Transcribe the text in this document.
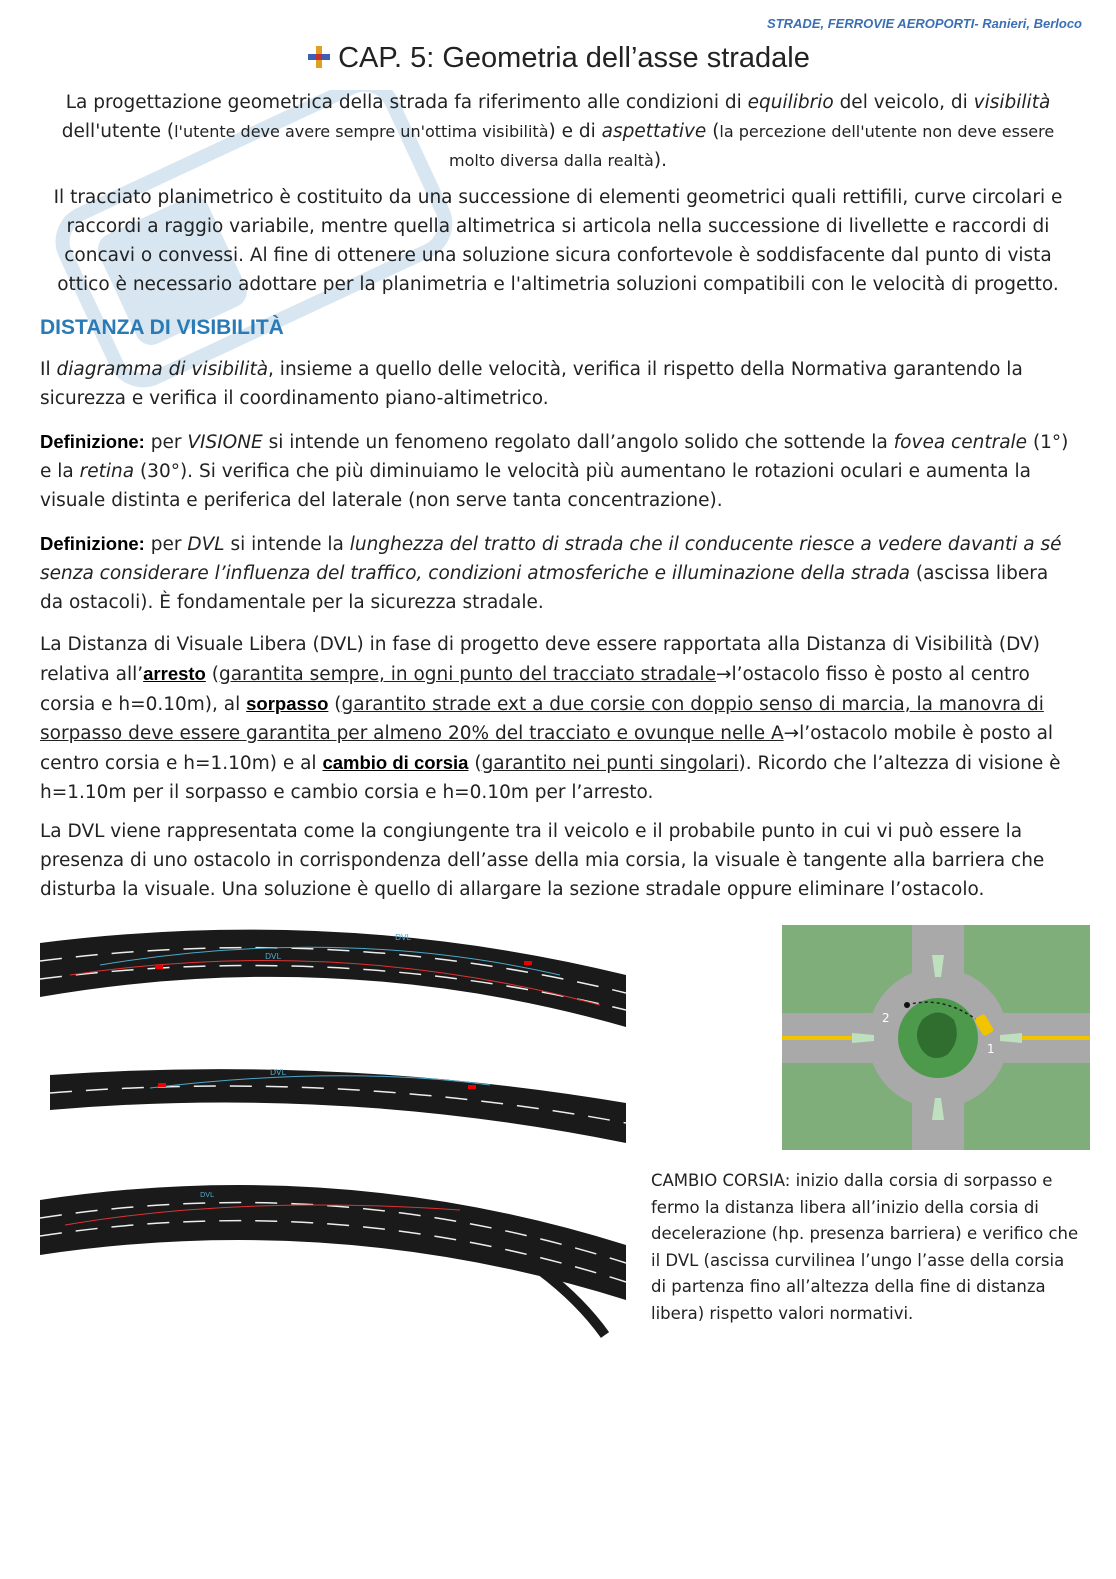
STRADE, FERROVIE AEROPORTI- Ranieri, Berloco
CAP. 5: Geometria dell’asse stradale
La progettazione geometrica della strada fa riferimento alle condizioni di equilibrio del veicolo, di visibilità dell'utente (l'utente deve avere sempre un'ottima visibilità) e di aspettative (la percezione dell'utente non deve essere molto diversa dalla realtà).
Il tracciato planimetrico è costituito da una successione di elementi geometrici quali rettifili, curve circolari e raccordi a raggio variabile, mentre quella altimetrica si articola nella successione di livellette e raccordi di concavi o convessi. Al fine di ottenere una soluzione sicura confortevole è soddisfacente dal punto di vista ottico è necessario adottare per la planimetria e l'altimetria soluzioni compatibili con le velocità di progetto.
DISTANZA DI VISIBILITÀ
Il diagramma di visibilità, insieme a quello delle velocità, verifica il rispetto della Normativa garantendo la sicurezza e verifica il coordinamento piano-altimetrico.
Definizione: per VISIONE si intende un fenomeno regolato dall’angolo solido che sottende la fovea centrale (1°) e la retina (30°). Si verifica che più diminuiamo le velocità più aumentano le rotazioni oculari e aumenta la visuale distinta e periferica del laterale (non serve tanta concentrazione).
Definizione: per DVL si intende la lunghezza del tratto di strada che il conducente riesce a vedere davanti a sé senza considerare l’influenza del traffico, condizioni atmosferiche e illuminazione della strada (ascissa libera da ostacoli). È fondamentale per la sicurezza stradale.
La Distanza di Visuale Libera (DVL) in fase di progetto deve essere rapportata alla Distanza di Visibilità (DV) relativa all’arresto (garantita sempre, in ogni punto del tracciato stradale→l’ostacolo fisso è posto al centro corsia e h=0.10m), al sorpasso (garantito strade ext a due corsie con doppio senso di marcia, la manovra di sorpasso deve essere garantita per almeno 20% del tracciato e ovunque nelle A→l’ostacolo mobile è posto al centro corsia e h=1.10m) e al cambio di corsia (garantito nei punti singolari). Ricordo che l’altezza di visione è h=1.10m per il sorpasso e cambio corsia e h=0.10m per l’arresto.
La DVL viene rappresentata come la congiungente tra il veicolo e il probabile punto in cui vi può essere la presenza di uno ostacolo in corrispondenza dell’asse della mia corsia, la visuale è tangente alla barriera che disturba la visuale. Una soluzione è quello di allargare la sezione stradale oppure eliminare l’ostacolo.
DVL
DVL
DVL
DVL
2
1
CAMBIO CORSIA: inizio dalla corsia di sorpasso e fermo la distanza libera all’inizio della corsia di decelerazione (hp. presenza barriera) e verifico che il DVL (ascissa curvilinea l’ungo l’asse della corsia di partenza fino all’altezza della fine di distanza libera) rispetto valori normativi.
